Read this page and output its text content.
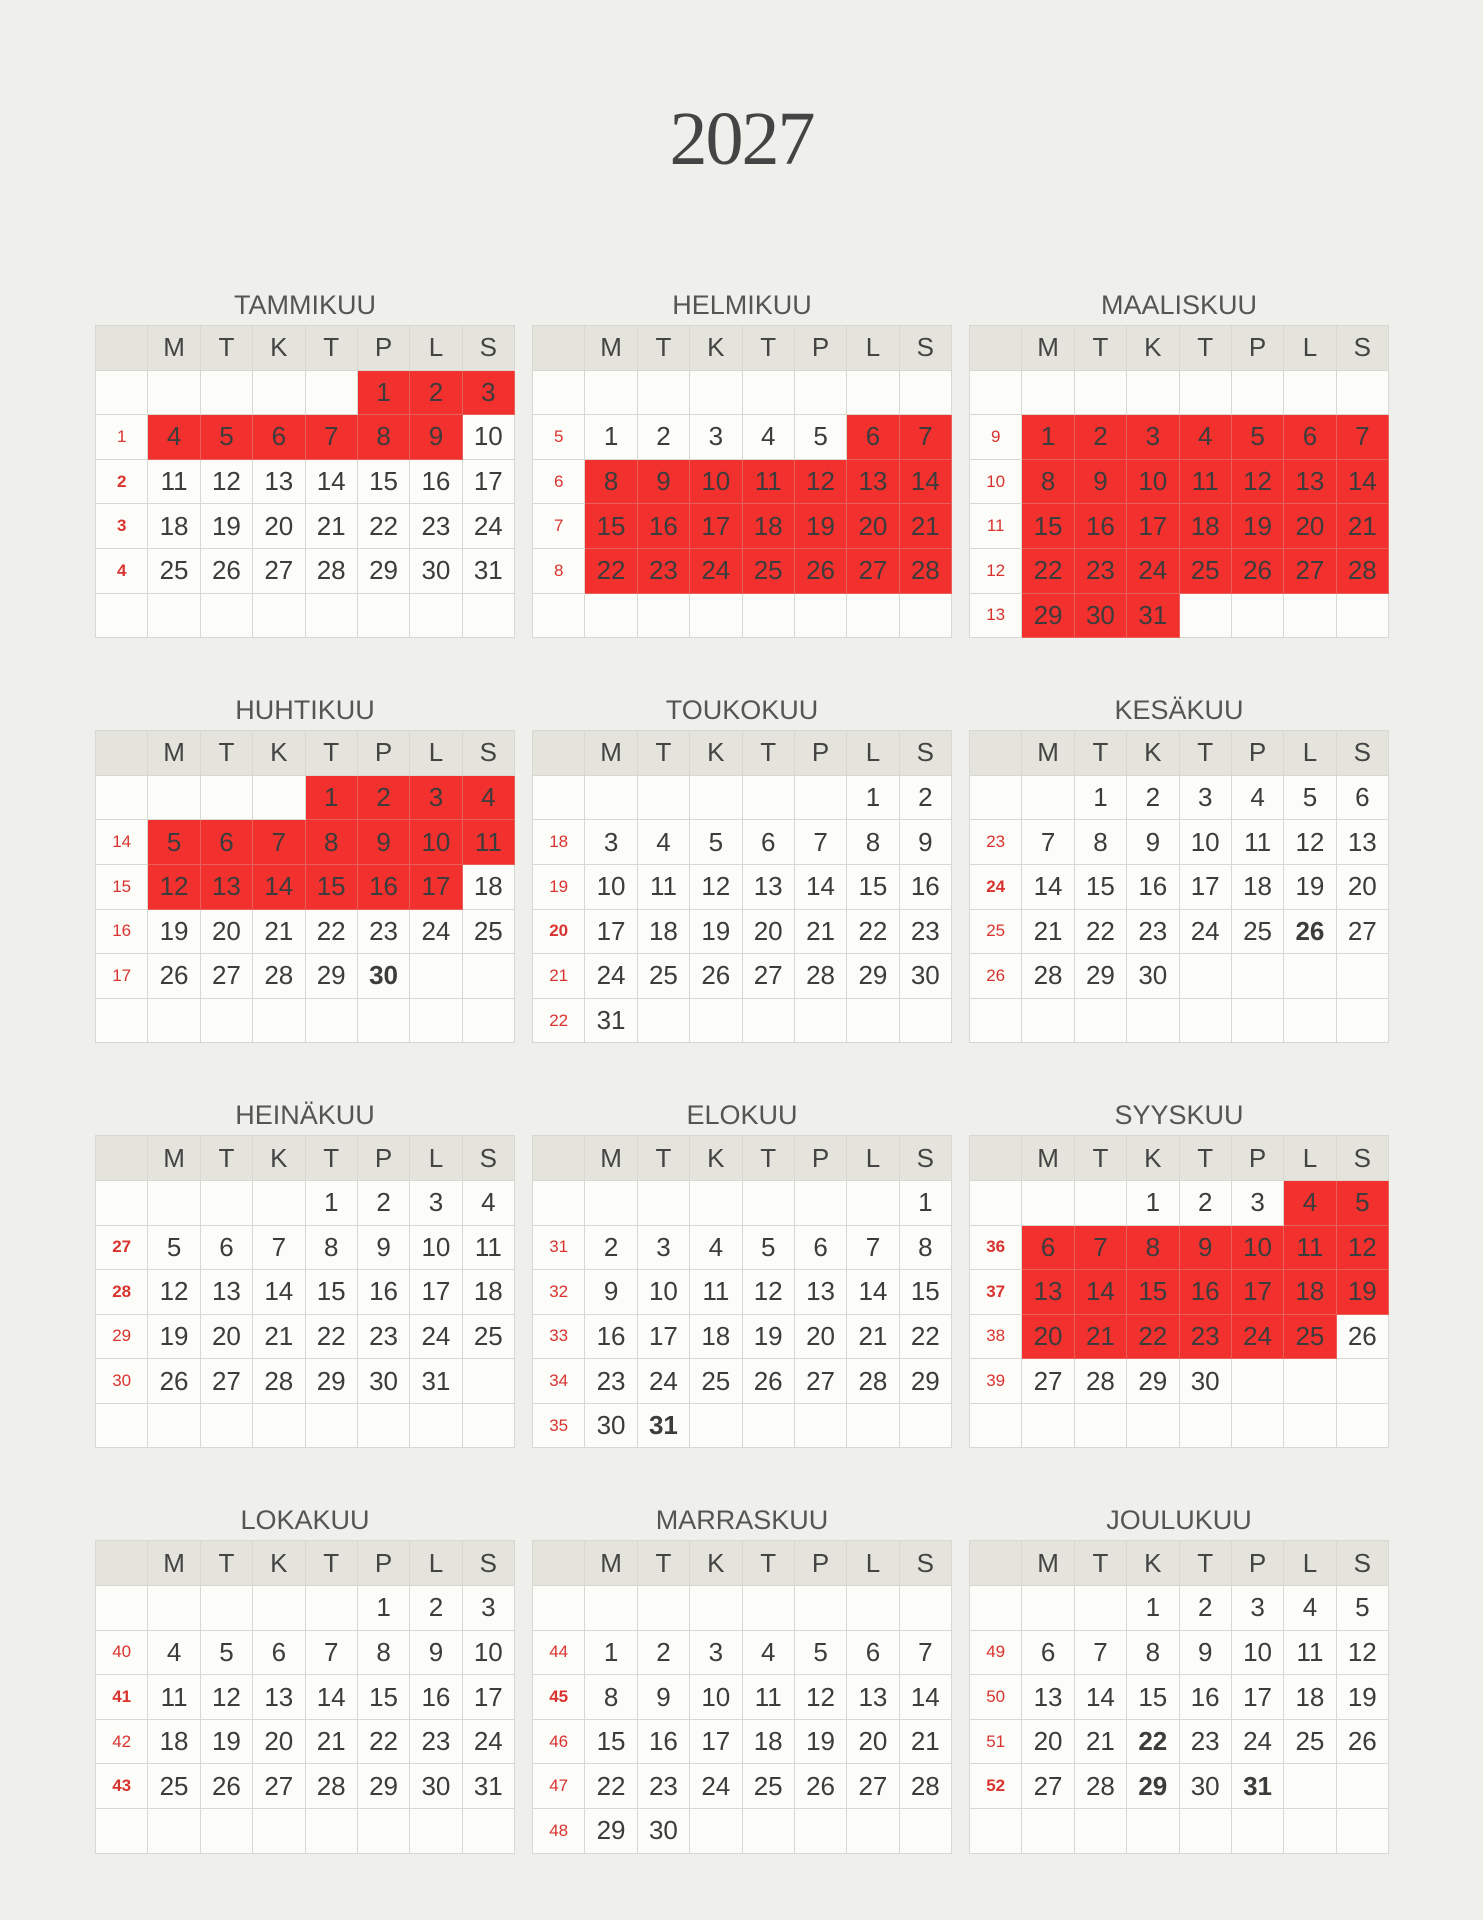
2027
TAMMIKUU
	M	T	K	T	P	L	S
					1	2	3
1	4	5	6	7	8	9	10
2	11	12	13	14	15	16	17
3	18	19	20	21	22	23	24
4	25	26	27	28	29	30	31

HELMIKUU
	M	T	K	T	P	L	S

5	1	2	3	4	5	6	7
6	8	9	10	11	12	13	14
7	15	16	17	18	19	20	21
8	22	23	24	25	26	27	28

MAALISKUU
	M	T	K	T	P	L	S

9	1	2	3	4	5	6	7
10	8	9	10	11	12	13	14
11	15	16	17	18	19	20	21
12	22	23	24	25	26	27	28
13	29	30	31				
HUHTIKUU
	M	T	K	T	P	L	S
				1	2	3	4
14	5	6	7	8	9	10	11
15	12	13	14	15	16	17	18
16	19	20	21	22	23	24	25
17	26	27	28	29	30		

TOUKOKUU
	M	T	K	T	P	L	S
						1	2
18	3	4	5	6	7	8	9
19	10	11	12	13	14	15	16
20	17	18	19	20	21	22	23
21	24	25	26	27	28	29	30
22	31						
KESÄKUU
	M	T	K	T	P	L	S
		1	2	3	4	5	6
23	7	8	9	10	11	12	13
24	14	15	16	17	18	19	20
25	21	22	23	24	25	26	27
26	28	29	30				

HEINÄKUU
	M	T	K	T	P	L	S
				1	2	3	4
27	5	6	7	8	9	10	11
28	12	13	14	15	16	17	18
29	19	20	21	22	23	24	25
30	26	27	28	29	30	31	

ELOKUU
	M	T	K	T	P	L	S
							1
31	2	3	4	5	6	7	8
32	9	10	11	12	13	14	15
33	16	17	18	19	20	21	22
34	23	24	25	26	27	28	29
35	30	31					
SYYSKUU
	M	T	K	T	P	L	S
			1	2	3	4	5
36	6	7	8	9	10	11	12
37	13	14	15	16	17	18	19
38	20	21	22	23	24	25	26
39	27	28	29	30			

LOKAKUU
	M	T	K	T	P	L	S
					1	2	3
40	4	5	6	7	8	9	10
41	11	12	13	14	15	16	17
42	18	19	20	21	22	23	24
43	25	26	27	28	29	30	31

MARRASKUU
	M	T	K	T	P	L	S

44	1	2	3	4	5	6	7
45	8	9	10	11	12	13	14
46	15	16	17	18	19	20	21
47	22	23	24	25	26	27	28
48	29	30					
JOULUKUU
	M	T	K	T	P	L	S
			1	2	3	4	5
49	6	7	8	9	10	11	12
50	13	14	15	16	17	18	19
51	20	21	22	23	24	25	26
52	27	28	29	30	31		
